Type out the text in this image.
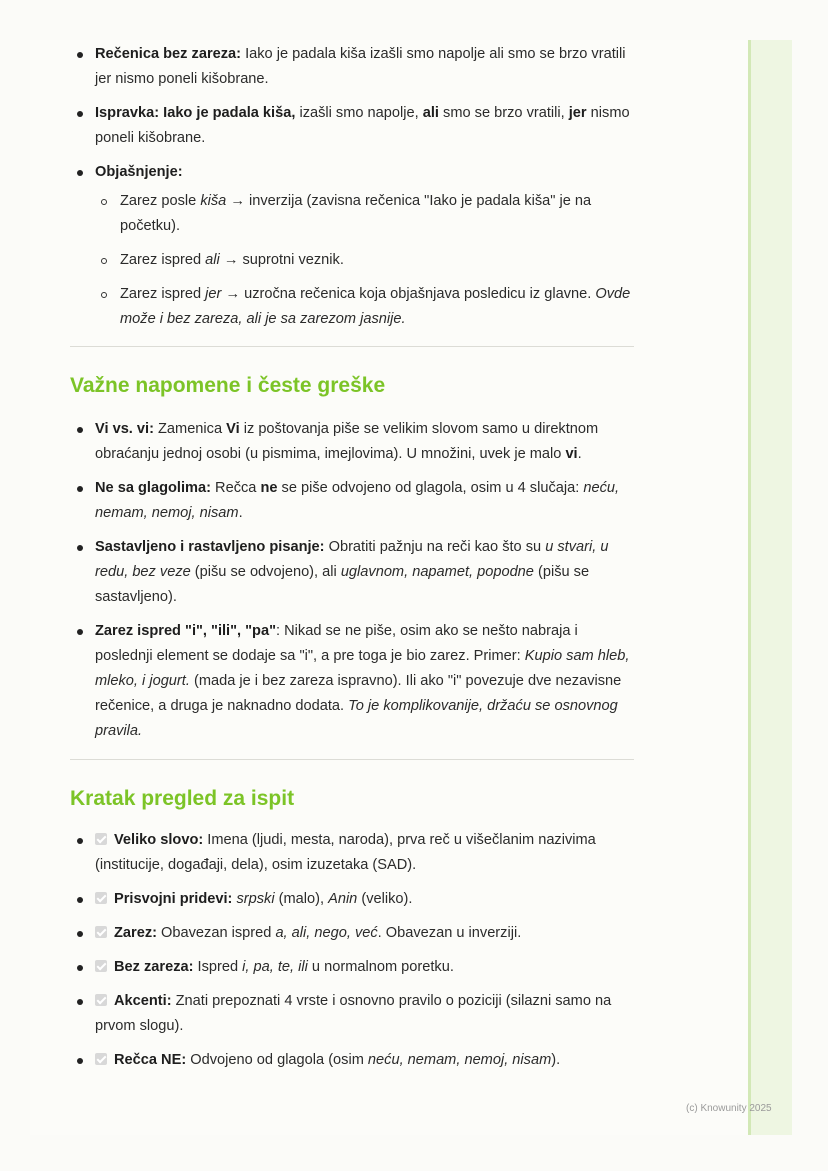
Rečenica bez zareza: Iako je padala kiša izašli smo napolje ali smo se brzo vratili jer nismo poneli kišobrane.
Ispravka: Iako je padala kiša, izašli smo napolje, ali smo se brzo vratili, jer nismo poneli kišobrane.
Objašnjenje:
Zarez posle kiša → inverzija (zavisna rečenica "Iako je padala kiša" je na početku).
Zarez ispred ali → suprotni veznik.
Zarez ispred jer → uzročna rečenica koja objašnjava posledicu iz glavne. Ovde može i bez zareza, ali je sa zarezom jasnije.
Važne napomene i česte greške
Vi vs. vi: Zamenica Vi iz poštovanja piše se velikim slovom samo u direktnom obraćanju jednoj osobi (u pismima, imejlovima). U množini, uvek je malo vi.
Ne sa glagolima: Rečca ne se piše odvojeno od glagola, osim u 4 slučaja: neću, nemam, nemoj, nisam.
Sastavljeno i rastavljeno pisanje: Obratiti pažnju na reči kao što su u stvari, u redu, bez veze (pišu se odvojeno), ali uglavnom, napamet, popodne (pišu se sastavljeno).
Zarez ispred "i", "ili", "pa": Nikad se ne piše, osim ako se nešto nabraja i poslednji element se dodaje sa "i", a pre toga je bio zarez. Primer: Kupio sam hleb, mleko, i jogurt. (mada je i bez zareza ispravno). Ili ako "i" povezuje dve nezavisne rečenice, a druga je naknadno dodata. To je komplikovanije, držaću se osnovnog pravila.
Kratak pregled za ispit
Veliko slovo: Imena (ljudi, mesta, naroda), prva reč u višečlanim nazivima (institucije, događaji, dela), osim izuzetaka (SAD).
Prisvojni pridevi: srpski (malo), Anin (veliko).
Zarez: Obavezan ispred a, ali, nego, već. Obavezan u inverziji.
Bez zareza: Ispred i, pa, te, ili u normalnom poretku.
Akcenti: Znati prepoznati 4 vrste i osnovno pravilo o poziciji (silazni samo na prvom slogu).
Rečca NE: Odvojeno od glagola (osim neću, nemam, nemoj, nisam).
(c) Knowunity 2025
